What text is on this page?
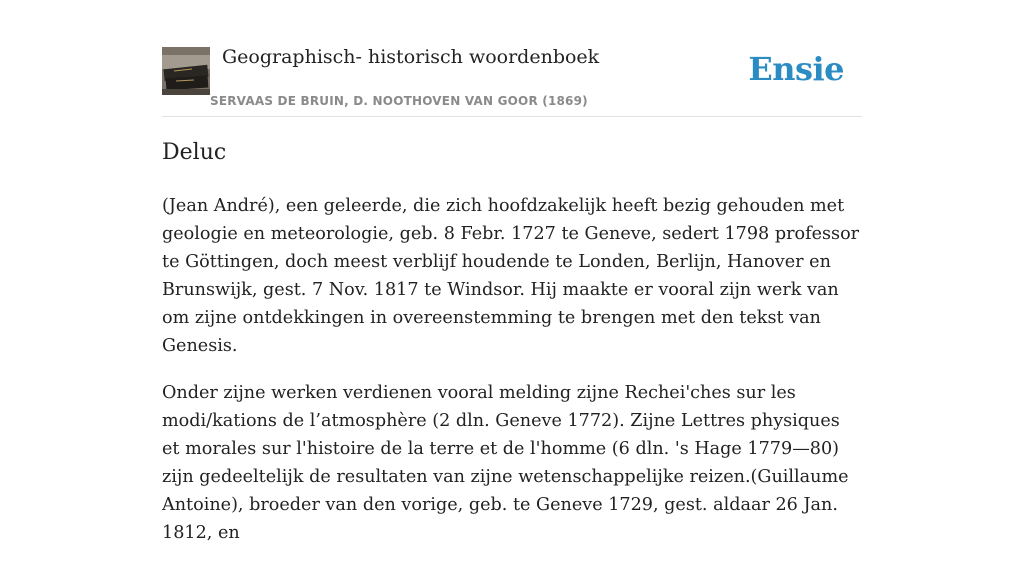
Geographisch- historisch woordenboek
SERVAAS DE BRUIN, D. NOOTHOVEN VAN GOOR (1869)
Ensie
Deluc

(Jean André), een geleerde, die zich hoofdzakelijk heeft bezig gehouden met geologie en meteorologie, geb. 8 Febr. 1727 te Geneve, sedert 1798 professor te Göttingen, doch meest verblijf houdende te Londen, Berlijn, Hanover en Brunswijk, gest. 7 Nov. 1817 te Windsor. Hij maakte er vooral zijn werk van om zijne ontdekkingen in overeenstemming te brengen met den tekst van Genesis.

Onder zijne werken verdienen vooral melding zijne Rechei'ches sur les modi/kations de l’atmosphère (2 dln. Geneve 1772). Zijne Lettres physiques et morales sur l'histoire de la terre et de l'homme (6 dln. 's Hage 1779—80) zijn gedeeltelijk de resultaten van zijne wetenschappelijke reizen.(Guillaume Antoine), broeder van den vorige, geb. te Geneve 1729, gest. aldaar 26 Jan. 1812, en
